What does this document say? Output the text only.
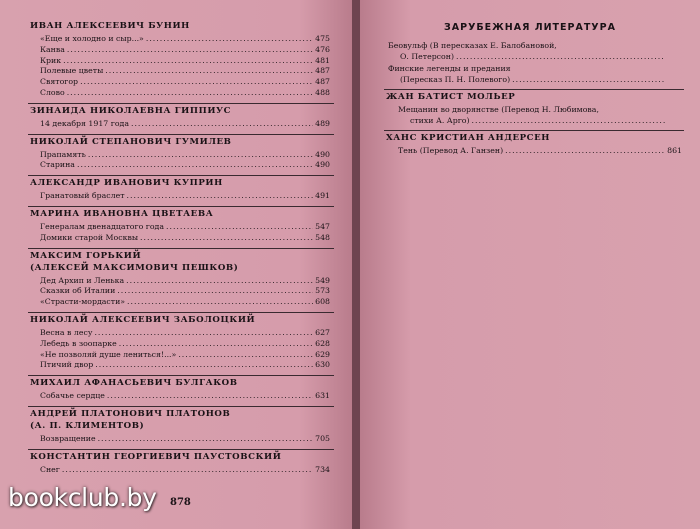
ИВАН АЛЕКСЕЕВИЧ БУНИН
«Еще и холодно и сыр...» .....	475
Канва .....	476
Крик .....	481
Полевые цветы .....	487
Святогор .....	487
Слово .....	488
ЗИНАИДА НИКОЛАЕВНА ГИППИУС
14 декабря 1917 года .....	489
НИКОЛАЙ СТЕПАНОВИЧ ГУМИЛЕВ
Прапамять .....	490
Старина .....	490
АЛЕКСАНДР ИВАНОВИЧ КУПРИН
Гранатовый браслет .....	491
МАРИНА ИВАНОВНА ЦВЕТАЕВА
Генералам двенадцатого года .....	547
Домики старой Москвы .....	548
МАКСИМ ГОРЬКИЙ
(АЛЕКСЕЙ МАКСИМОВИЧ ПЕШКОВ)
Дед Архип и Ленька .....	549
Сказки об Италии .....	573
«Страсти-мордасти» .....	608
НИКОЛАЙ АЛЕКСЕЕВИЧ ЗАБОЛОЦКИЙ
Весна в лесу .....	627
Лебедь в зоопарке .....	628
«Не позволяй душе лениться!...» .....	629
Птичий двор .....	630
МИХАИЛ АФАНАСЬЕВИЧ БУЛГАКОВ
Собачье сердце .....	631
АНДРЕЙ ПЛАТОНОВИЧ ПЛАТОНОВ
(А. П. КЛИМЕНТОВ)
Возвращение .....	705
КОНСТАНТИН ГЕОРГИЕВИЧ ПАУСТОВСКИЙ
Снег .....	734
ЗАРУБЕЖНАЯ ЛИТЕРАТУРА
Беовульф (В пересказах Е. Балобановой,
О. Петерсон)
.....
Финские легенды и предания
(Пересказ П. Н. Полевого)
.....
ЖАН БАТИСТ МОЛЬЕР
Мещанин во дворянстве (Перевод Н. Любимова,
стихи А. Арго)
.....
ХАНС КРИСТИАН АНДЕРСЕН
Тень (Перевод А. Ганзен) .....	861
878
bookclub.by
